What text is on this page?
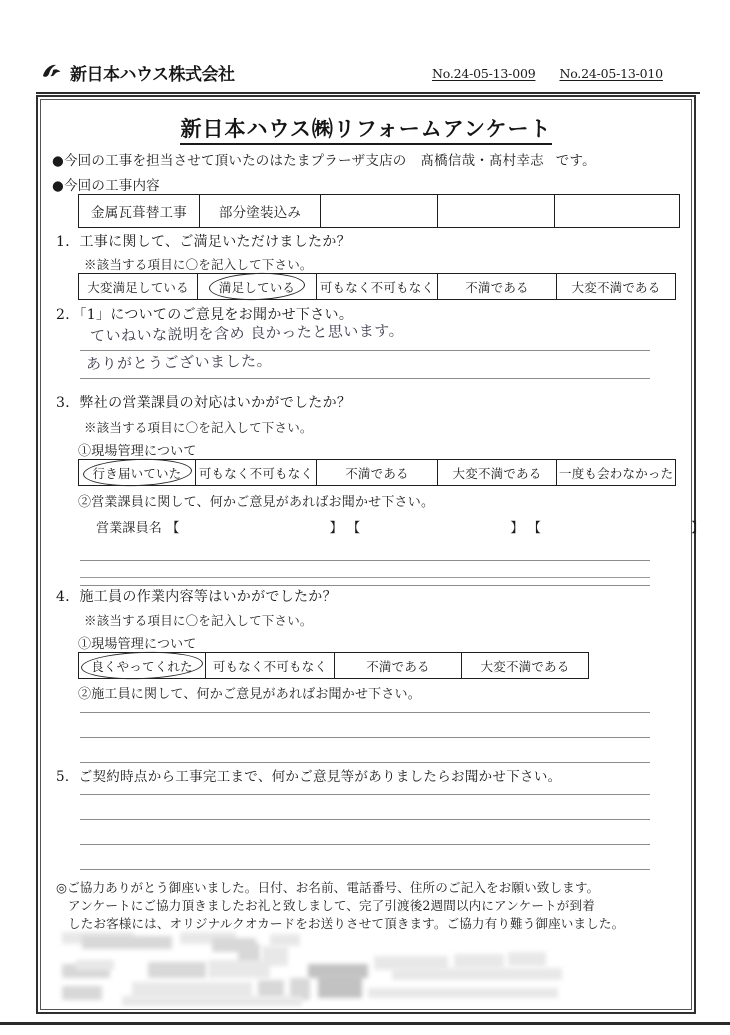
新日本ハウス株式会社	No.24-05-13-009 No.24-05-13-010
新日本ハウス㈱リフォームアンケート
●今回の工事を担当させて頂いたのはたまプラーザ支店の 髙橋信哉・髙村幸志 です。
●今回の工事内容
金属瓦葺替工事	部分塗装込み			
1．工事に関して、ご満足いただけましたか？
※該当する項目に〇を記入して下さい。
大変満足している	満足している	可もなく不可もなく	不満である	大変不満である
2．「1」についてのご意見をお聞かせ下さい。
ていねいな説明を含め 良かったと思います。
ありがとうございました。
3．弊社の営業課員の対応はいかがでしたか？
※該当する項目に〇を記入して下さい。
①現場管理について
行き届いていた	可もなく不可もなく	不満である	大変不満である	一度も会わなかった
②営業課員に関して、何かご意見があればお聞かせ下さい。
営業課員名 【	】 【	】 【	】
4．施工員の作業内容等はいかがでしたか？
※該当する項目に〇を記入して下さい。
①現場管理について
良くやってくれた	可もなく不可もなく	不満である	大変不満である
②施工員に関して、何かご意見があればお聞かせ下さい。
5．ご契約時点から工事完工まで、何かご意見等がありましたらお聞かせ下さい。
◎ご協力ありがとう御座いました。日付、お名前、電話番号、住所のご記入をお願い致します。
アンケートにご協力頂きましたお礼と致しまして、完了引渡後2週間以内にアンケートが到着
したお客様には、オリジナルクオカードをお送りさせて頂きます。ご協力有り難う御座いました。
